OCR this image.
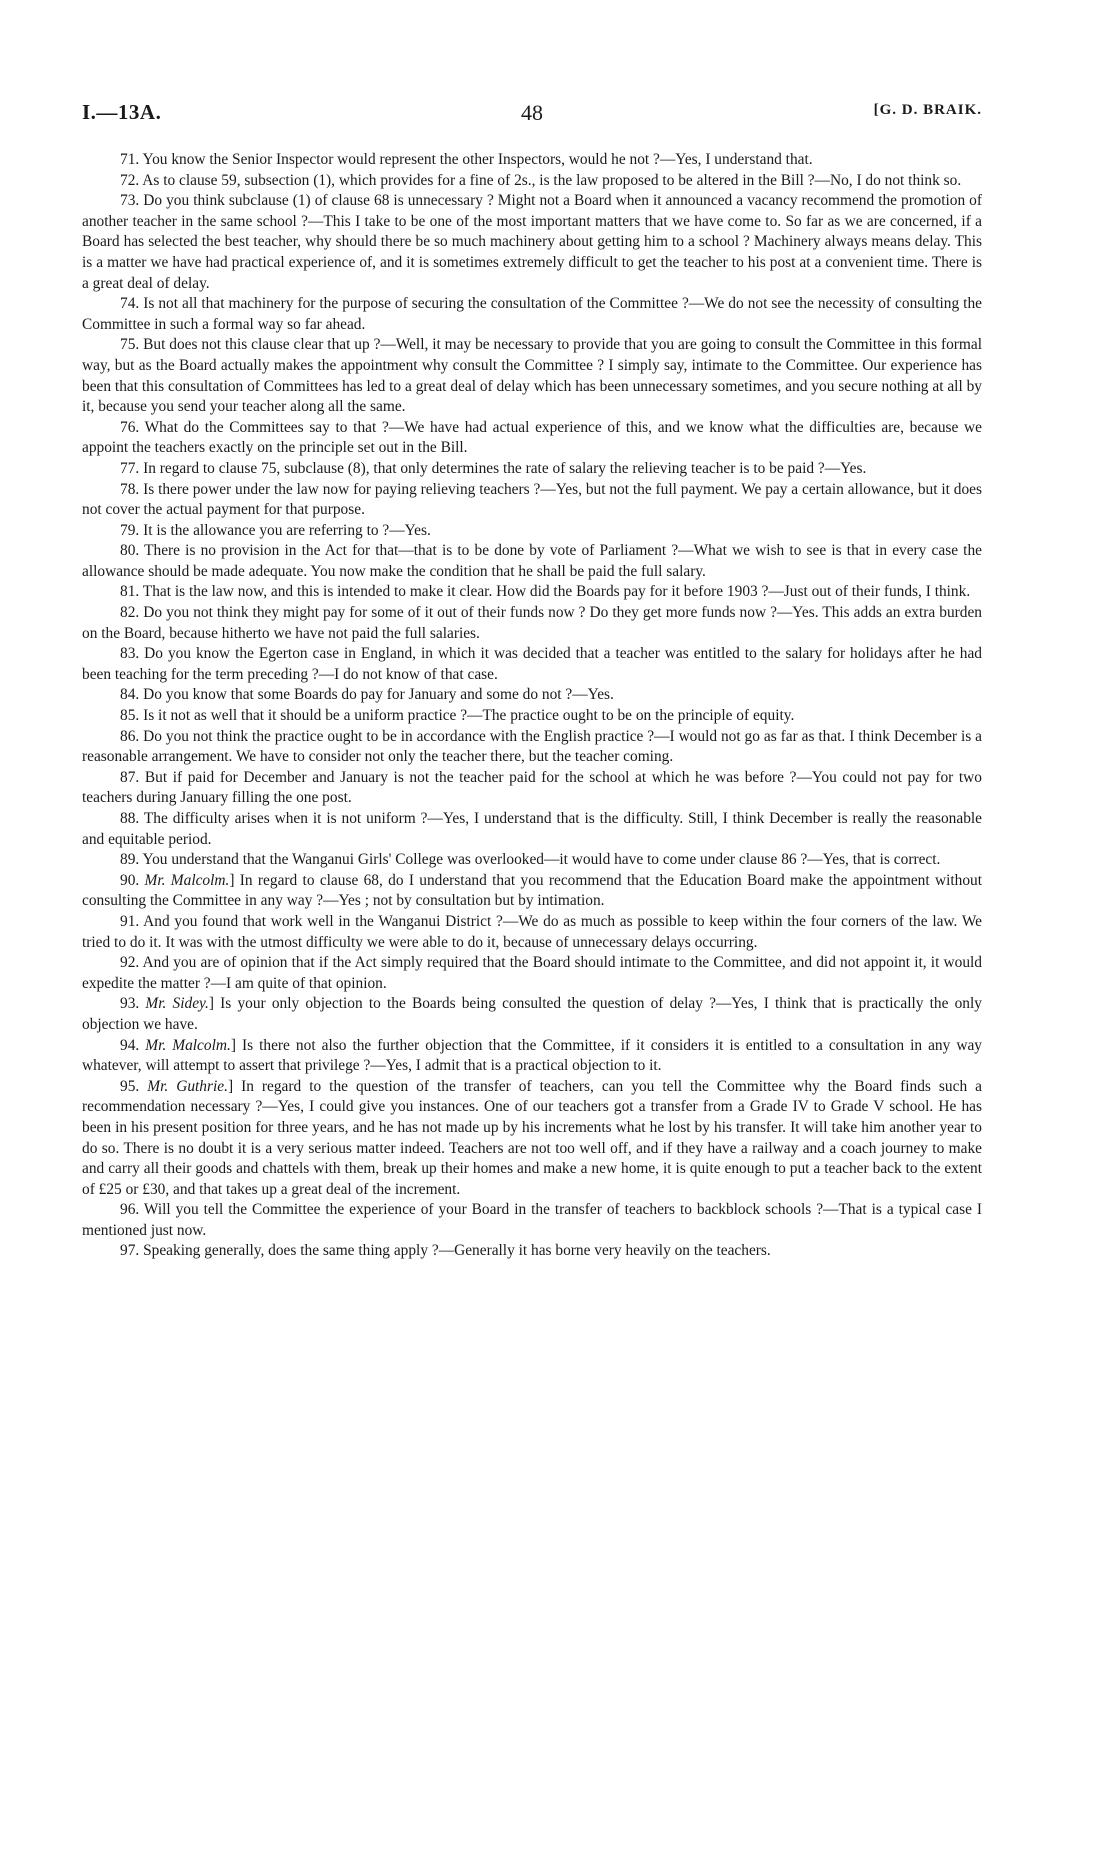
I.—13A.	48	[G. D. BRAIK.

71. You know the Senior Inspector would represent the other Inspectors, would he not ?—Yes, I understand that.

72. As to clause 59, subsection (1), which provides for a fine of 2s., is the law proposed to be altered in the Bill ?—No, I do not think so.

73. Do you think subclause (1) of clause 68 is unnecessary ? Might not a Board when it announced a vacancy recommend the promotion of another teacher in the same school ?—This I take to be one of the most important matters that we have come to. So far as we are concerned, if a Board has selected the best teacher, why should there be so much machinery about getting him to a school ? Machinery always means delay. This is a matter we have had practical experience of, and it is sometimes extremely difficult to get the teacher to his post at a convenient time. There is a great deal of delay.

74. Is not all that machinery for the purpose of securing the consultation of the Committee ?—We do not see the necessity of consulting the Committee in such a formal way so far ahead.

75. But does not this clause clear that up ?—Well, it may be necessary to provide that you are going to consult the Committee in this formal way, but as the Board actually makes the appointment why consult the Committee ? I simply say, intimate to the Committee. Our experience has been that this consultation of Committees has led to a great deal of delay which has been unnecessary sometimes, and you secure nothing at all by it, because you send your teacher along all the same.

76. What do the Committees say to that ?—We have had actual experience of this, and we know what the difficulties are, because we appoint the teachers exactly on the principle set out in the Bill.

77. In regard to clause 75, subclause (8), that only determines the rate of salary the relieving teacher is to be paid ?—Yes.

78. Is there power under the law now for paying relieving teachers ?—Yes, but not the full payment. We pay a certain allowance, but it does not cover the actual payment for that purpose.

79. It is the allowance you are referring to ?—Yes.

80. There is no provision in the Act for that—that is to be done by vote of Parliament ?—What we wish to see is that in every case the allowance should be made adequate. You now make the condition that he shall be paid the full salary.

81. That is the law now, and this is intended to make it clear. How did the Boards pay for it before 1903 ?—Just out of their funds, I think.

82. Do you not think they might pay for some of it out of their funds now ? Do they get more funds now ?—Yes. This adds an extra burden on the Board, because hitherto we have not paid the full salaries.

83. Do you know the Egerton case in England, in which it was decided that a teacher was entitled to the salary for holidays after he had been teaching for the term preceding ?—I do not know of that case.

84. Do you know that some Boards do pay for January and some do not ?—Yes.

85. Is it not as well that it should be a uniform practice ?—The practice ought to be on the principle of equity.

86. Do you not think the practice ought to be in accordance with the English practice ?—I would not go as far as that. I think December is a reasonable arrangement. We have to consider not only the teacher there, but the teacher coming.

87. But if paid for December and January is not the teacher paid for the school at which he was before ?—You could not pay for two teachers during January filling the one post.

88. The difficulty arises when it is not uniform ?—Yes, I understand that is the difficulty. Still, I think December is really the reasonable and equitable period.

89. You understand that the Wanganui Girls' College was overlooked—it would have to come under clause 86 ?—Yes, that is correct.

90. Mr. Malcolm.] In regard to clause 68, do I understand that you recommend that the Education Board make the appointment without consulting the Committee in any way ?—Yes ; not by consultation but by intimation.

91. And you found that work well in the Wanganui District ?—We do as much as possible to keep within the four corners of the law. We tried to do it. It was with the utmost difficulty we were able to do it, because of unnecessary delays occurring.

92. And you are of opinion that if the Act simply required that the Board should intimate to the Committee, and did not appoint it, it would expedite the matter ?—I am quite of that opinion.

93. Mr. Sidey.] Is your only objection to the Boards being consulted the question of delay ?—Yes, I think that is practically the only objection we have.

94. Mr. Malcolm.] Is there not also the further objection that the Committee, if it considers it is entitled to a consultation in any way whatever, will attempt to assert that privilege ?—Yes, I admit that is a practical objection to it.

95. Mr. Guthrie.] In regard to the question of the transfer of teachers, can you tell the Committee why the Board finds such a recommendation necessary ?—Yes, I could give you instances. One of our teachers got a transfer from a Grade IV to Grade V school. He has been in his present position for three years, and he has not made up by his increments what he lost by his transfer. It will take him another year to do so. There is no doubt it is a very serious matter indeed. Teachers are not too well off, and if they have a railway and a coach journey to make and carry all their goods and chattels with them, break up their homes and make a new home, it is quite enough to put a teacher back to the extent of £25 or £30, and that takes up a great deal of the increment.

96. Will you tell the Committee the experience of your Board in the transfer of teachers to backblock schools ?—That is a typical case I mentioned just now.

97. Speaking generally, does the same thing apply ?—Generally it has borne very heavily on the teachers.
